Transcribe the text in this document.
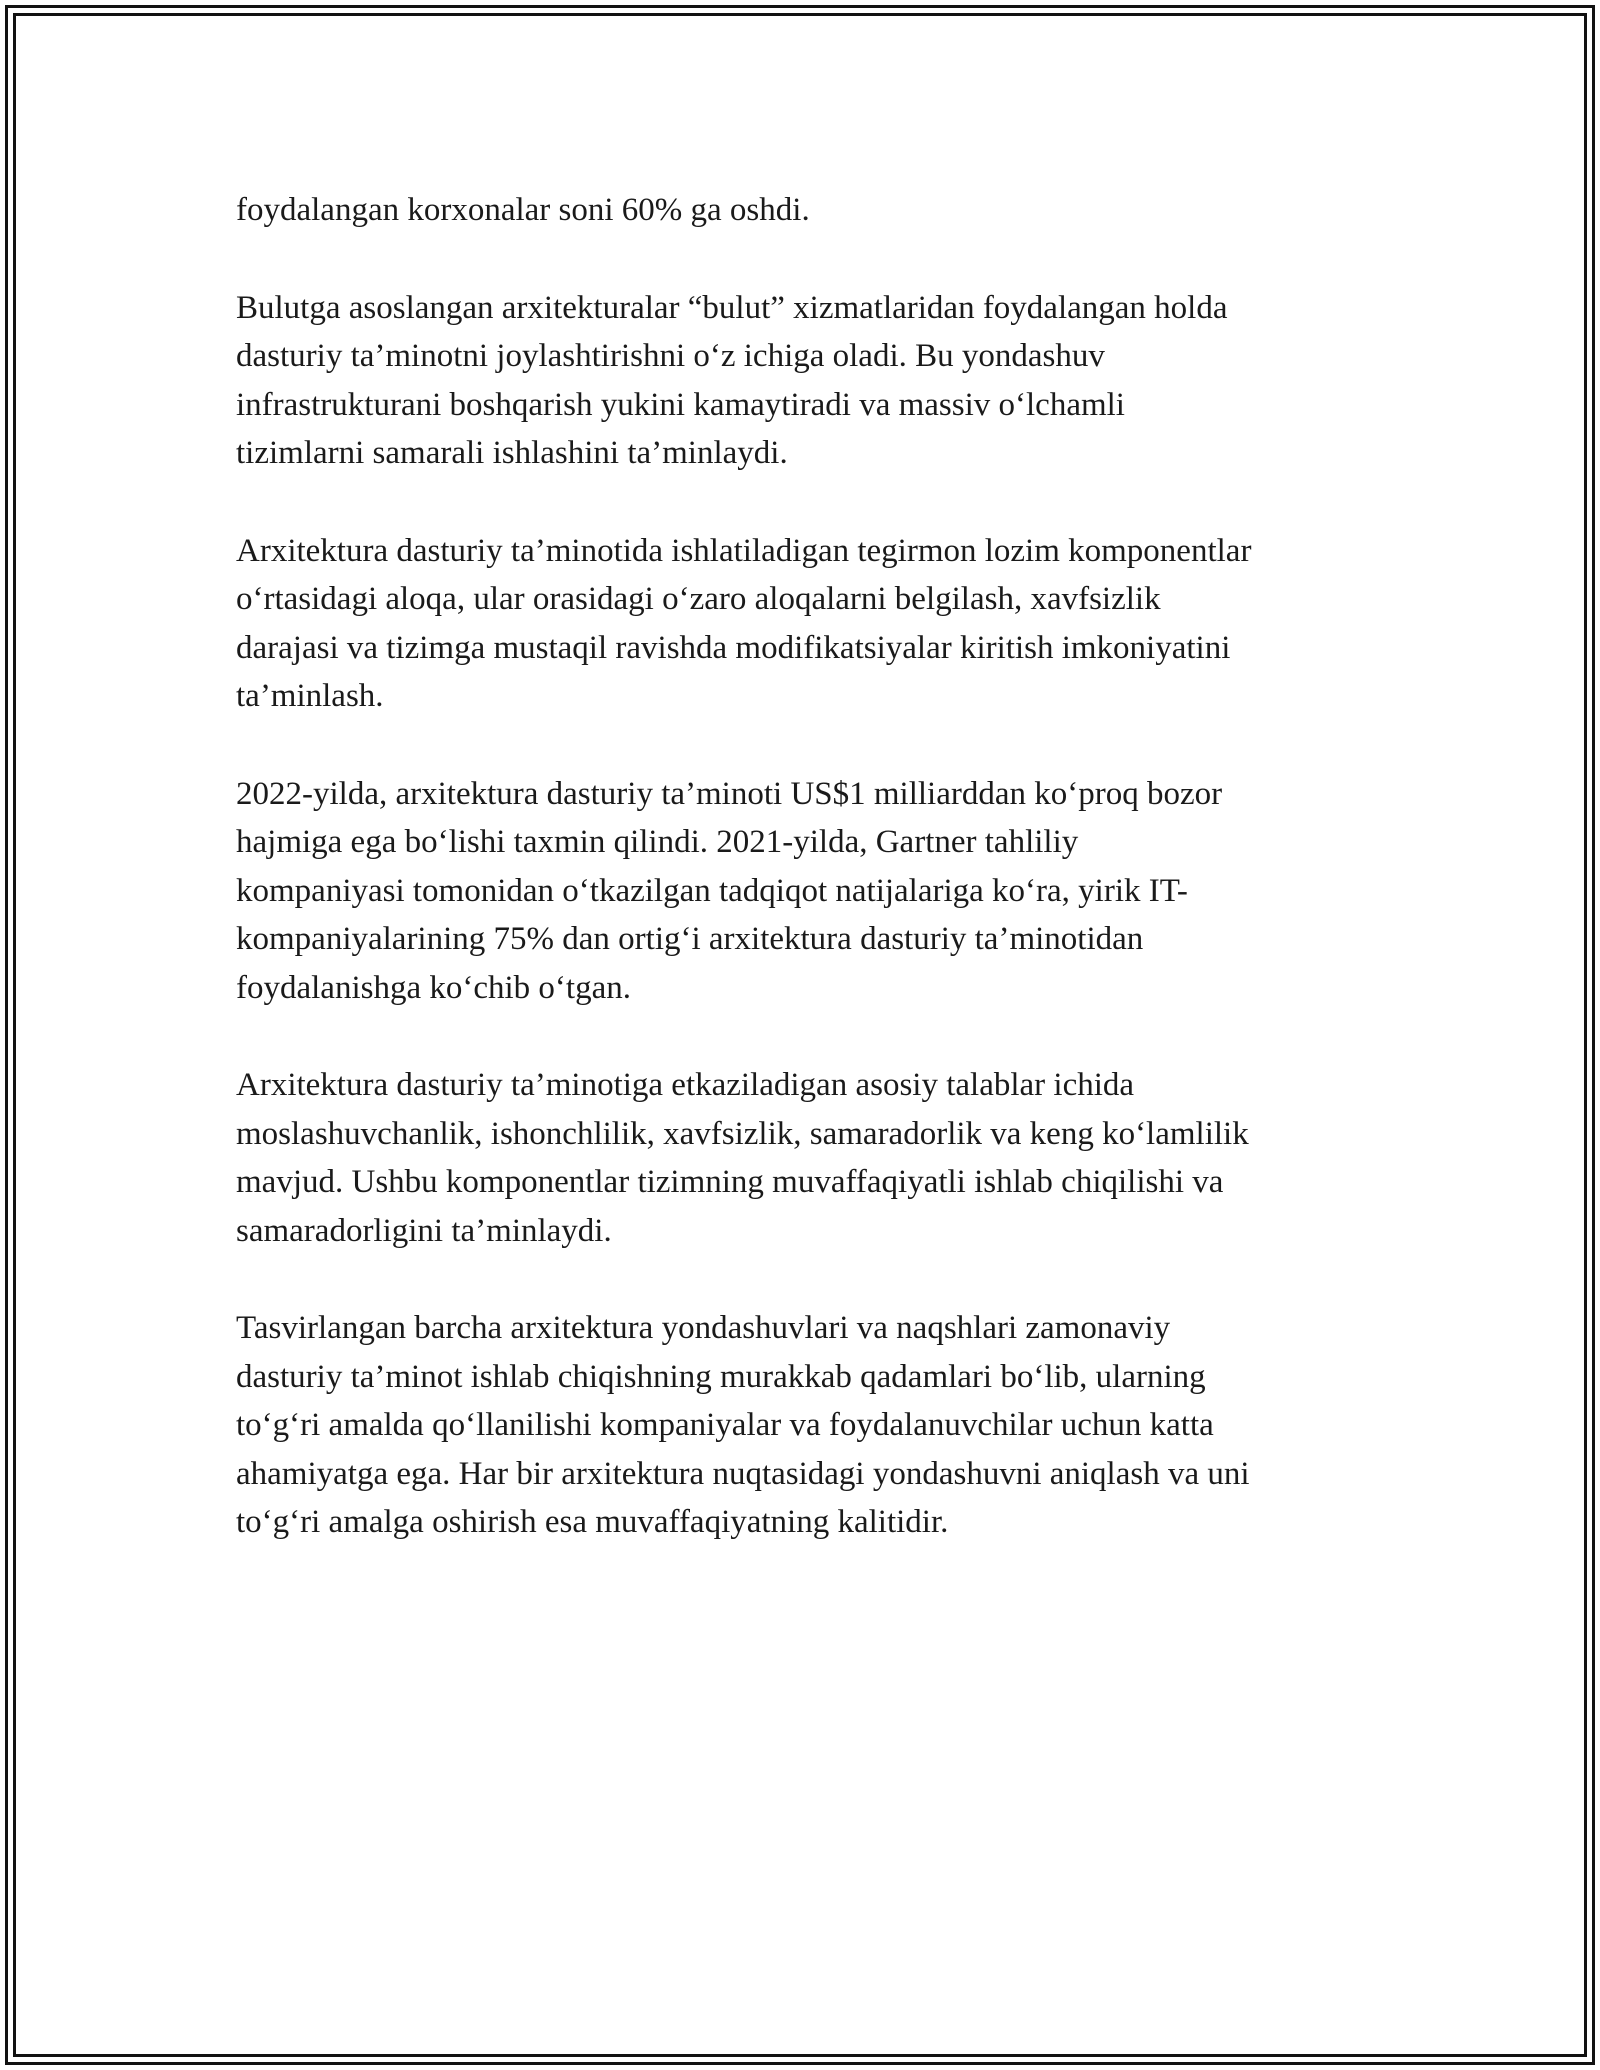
foydalangan korxonalar soni 60% ga oshdi.

Bulutga asoslangan arxitekturalar “bulut” xizmatlaridan foydalangan holda
dasturiy ta’minotni joylashtirishni o‘z ichiga oladi. Bu yondashuv
infrastrukturani boshqarish yukini kamaytiradi va massiv o‘lchamli
tizimlarni samarali ishlashini ta’minlaydi.

Arxitektura dasturiy ta’minotida ishlatiladigan tegirmon lozim komponentlar
o‘rtasidagi aloqa, ular orasidagi o‘zaro aloqalarni belgilash, xavfsizlik
darajasi va tizimga mustaqil ravishda modifikatsiyalar kiritish imkoniyatini
ta’minlash.

2022-yilda, arxitektura dasturiy ta’minoti US$1 milliarddan ko‘proq bozor
hajmiga ega bo‘lishi taxmin qilindi. 2021-yilda, Gartner tahliliy
kompaniyasi tomonidan o‘tkazilgan tadqiqot natijalariga ko‘ra, yirik IT-
kompaniyalarining 75% dan ortig‘i arxitektura dasturiy ta’minotidan
foydalanishga ko‘chib o‘tgan.

Arxitektura dasturiy ta’minotiga etkaziladigan asosiy talablar ichida
moslashuvchanlik, ishonchlilik, xavfsizlik, samaradorlik va keng ko‘lamlilik
mavjud. Ushbu komponentlar tizimning muvaffaqiyatli ishlab chiqilishi va
samaradorligini ta’minlaydi.

Tasvirlangan barcha arxitektura yondashuvlari va naqshlari zamonaviy
dasturiy ta’minot ishlab chiqishning murakkab qadamlari bo‘lib, ularning
to‘g‘ri amalda qo‘llanilishi kompaniyalar va foydalanuvchilar uchun katta
ahamiyatga ega. Har bir arxitektura nuqtasidagi yondashuvni aniqlash va uni
to‘g‘ri amalga oshirish esa muvaffaqiyatning kalitidir.
